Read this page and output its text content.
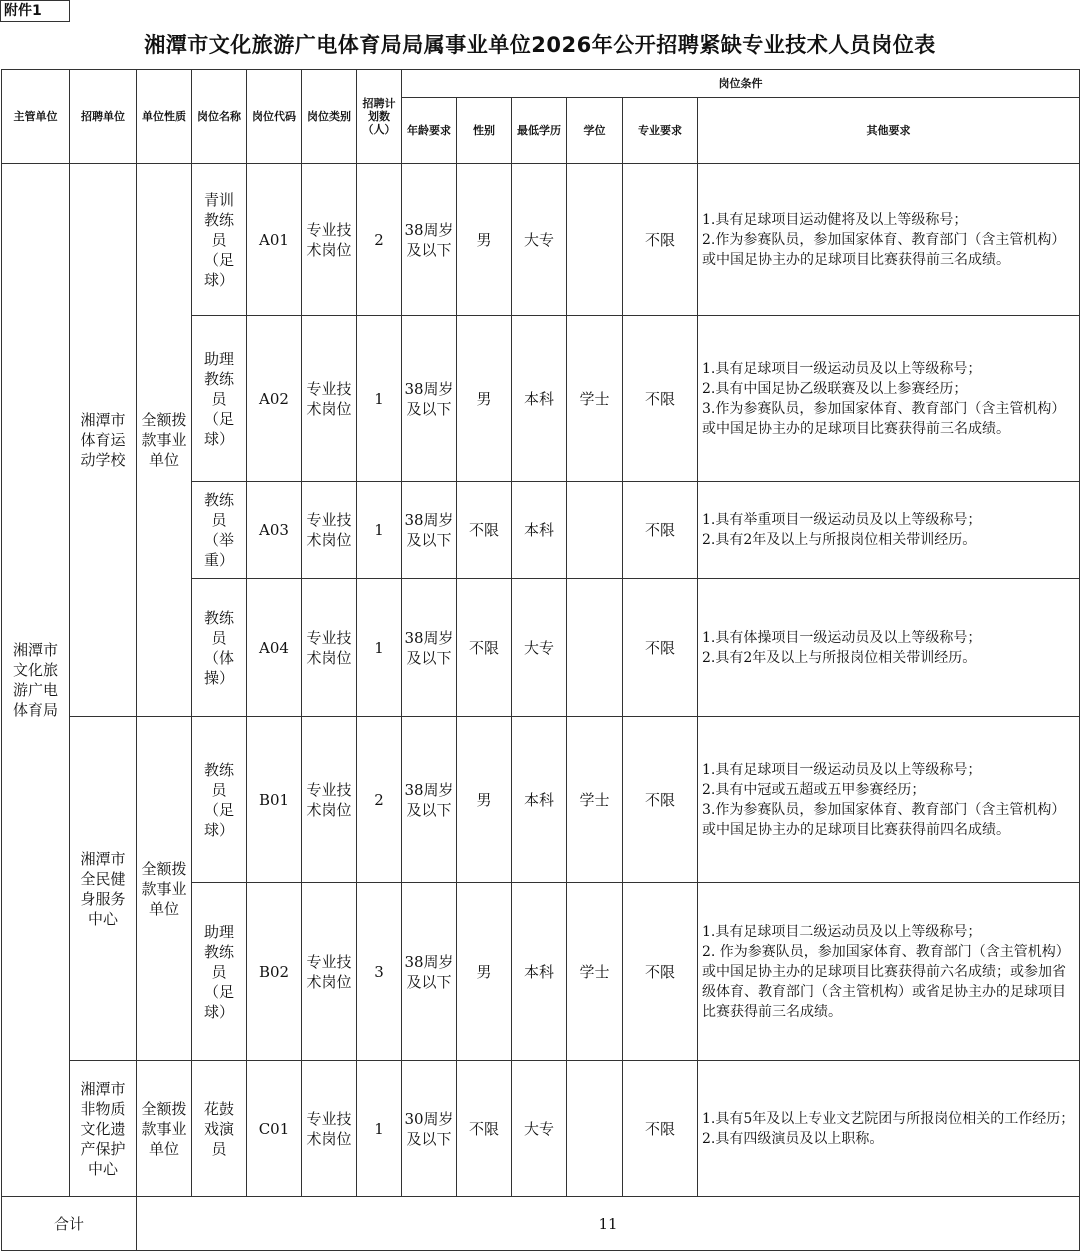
附件1
湘潭市文化旅游广电体育局局属事业单位2026年公开招聘紧缺专业技术人员岗位表
主管单位	招聘单位	单位性质	岗位名称	岗位代码	岗位类别	招聘计划数（人）	岗位条件					
							年龄要求	性别	最低学历	学位	专业要求	其他要求
湘潭市文化旅游广电体育局	湘潭市体育运动学校	全额拨款事业单位	青训教练员（足球）	A01	专业技术岗位	2	38周岁及以下	男	大专		不限	1.具有足球项目运动健将及以上等级称号；
2.作为参赛队员，参加国家体育、教育部门（含主管机构）或中国足协主办的足球项目比赛获得前三名成绩。

			助理教练员（足球）	A02	专业技术岗位	1	38周岁及以下	男	本科	学士	不限	1.具有足球项目一级运动员及以上等级称号；
2.具有中国足协乙级联赛及以上参赛经历；
3.作为参赛队员，参加国家体育、教育部门（含主管机构）或中国足协主办的足球项目比赛获得前三名成绩。

			教练员（举重）	A03	专业技术岗位	1	38周岁及以下	不限	本科		不限	1.具有举重项目一级运动员及以上等级称号；
2.具有2年及以上与所报岗位相关带训经历。

			教练员（体操）	A04	专业技术岗位	1	38周岁及以下	不限	大专		不限	1.具有体操项目一级运动员及以上等级称号；
2.具有2年及以上与所报岗位相关带训经历。

	湘潭市全民健身服务中心	全额拨款事业单位	教练员（足球）	B01	专业技术岗位	2	38周岁及以下	男	本科	学士	不限	1.具有足球项目一级运动员及以上等级称号；
2.具有中冠或五超或五甲参赛经历；
3.作为参赛队员，参加国家体育、教育部门（含主管机构）或中国足协主办的足球项目比赛获得前四名成绩。

			助理教练员（足球）	B02	专业技术岗位	3	38周岁及以下	男	本科	学士	不限	1.具有足球项目二级运动员及以上等级称号；
2. 作为参赛队员，参加国家体育、教育部门（含主管机构）或中国足协主办的足球项目比赛获得前六名成绩；或参加省级体育、教育部门（含主管机构）或省足协主办的足球项目比赛获得前三名成绩。

	湘潭市非物质文化遗产保护中心	全额拨款事业单位	花鼓戏演员	C01	专业技术岗位	1	30周岁及以下	不限	大专		不限	1.具有5年及以上专业文艺院团与所报岗位相关的工作经历；
2.具有四级演员及以上职称。

合计		11										
